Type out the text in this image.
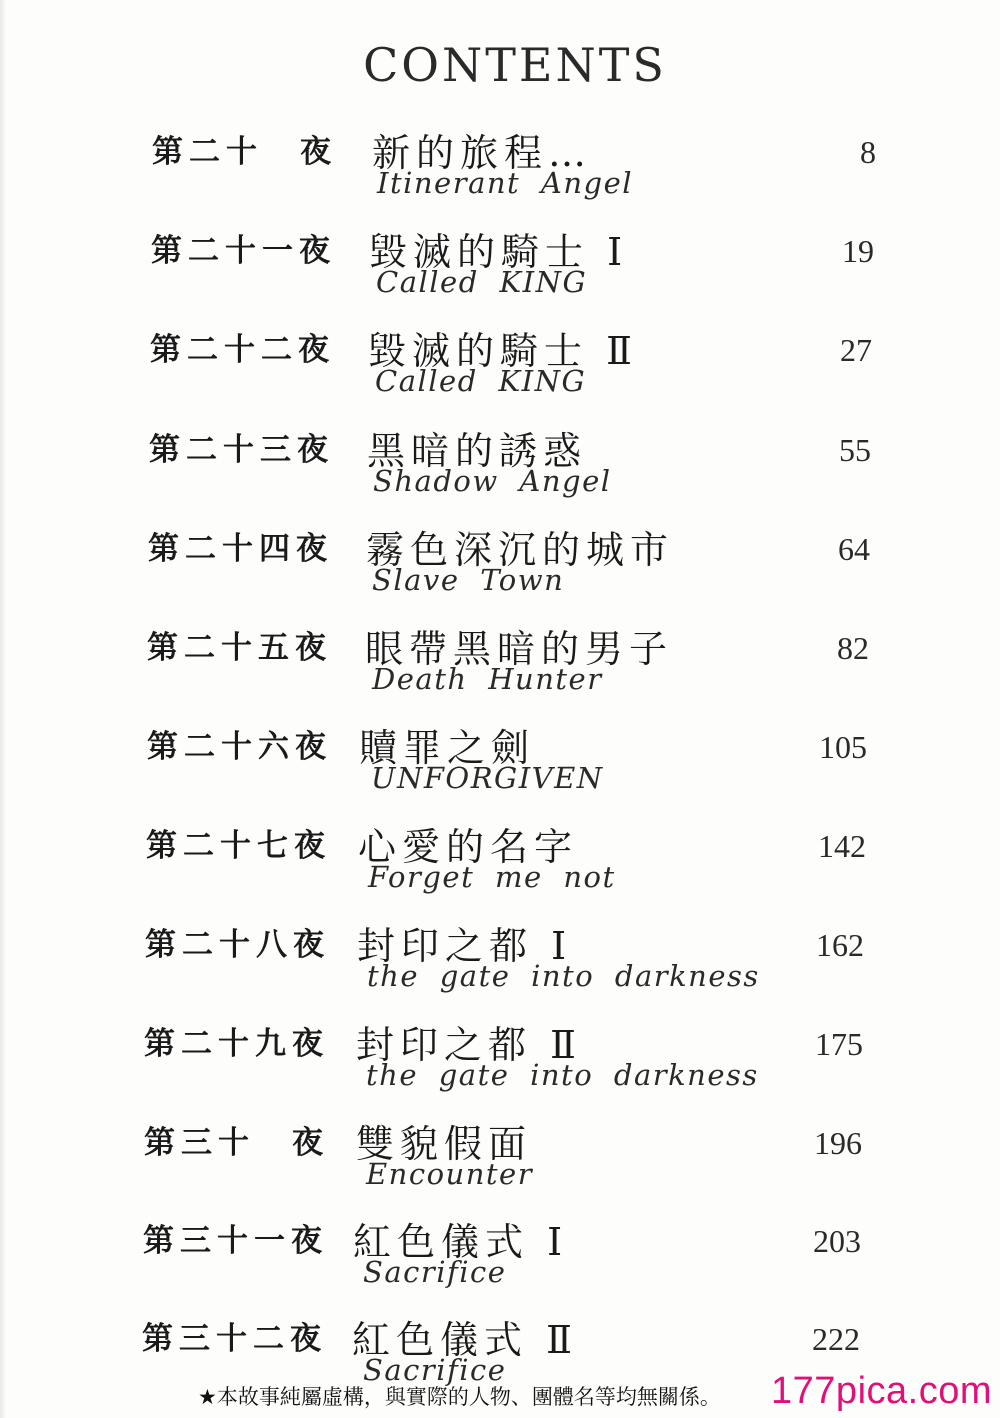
CONTENTS
第二十　夜 新的旅程…
Itinerant Angel
8
第二十一夜 毀滅的騎士 Ⅰ
Called KING
19
第二十二夜 毀滅的騎士 Ⅱ
Called KING
27
第二十三夜 黑暗的誘惑
Shadow Angel
55
第二十四夜 霧色深沉的城市
Slave Town
64
第二十五夜 眼帶黑暗的男子
Death Hunter
82
第二十六夜 贖罪之劍
UNFORGIVEN
105
第二十七夜 心愛的名字
Forget me not
142
第二十八夜 封印之都 Ⅰ
the gate into darkness
162
第二十九夜 封印之都 Ⅱ
the gate into darkness
175
第三十　夜 雙貌假面
Encounter
196
第三十一夜 紅色儀式 Ⅰ
Sacrifice
203
第三十二夜 紅色儀式 Ⅱ
Sacrifice
222
★本故事純屬虛構，與實際的人物、團體名等均無關係。 177pica.com
